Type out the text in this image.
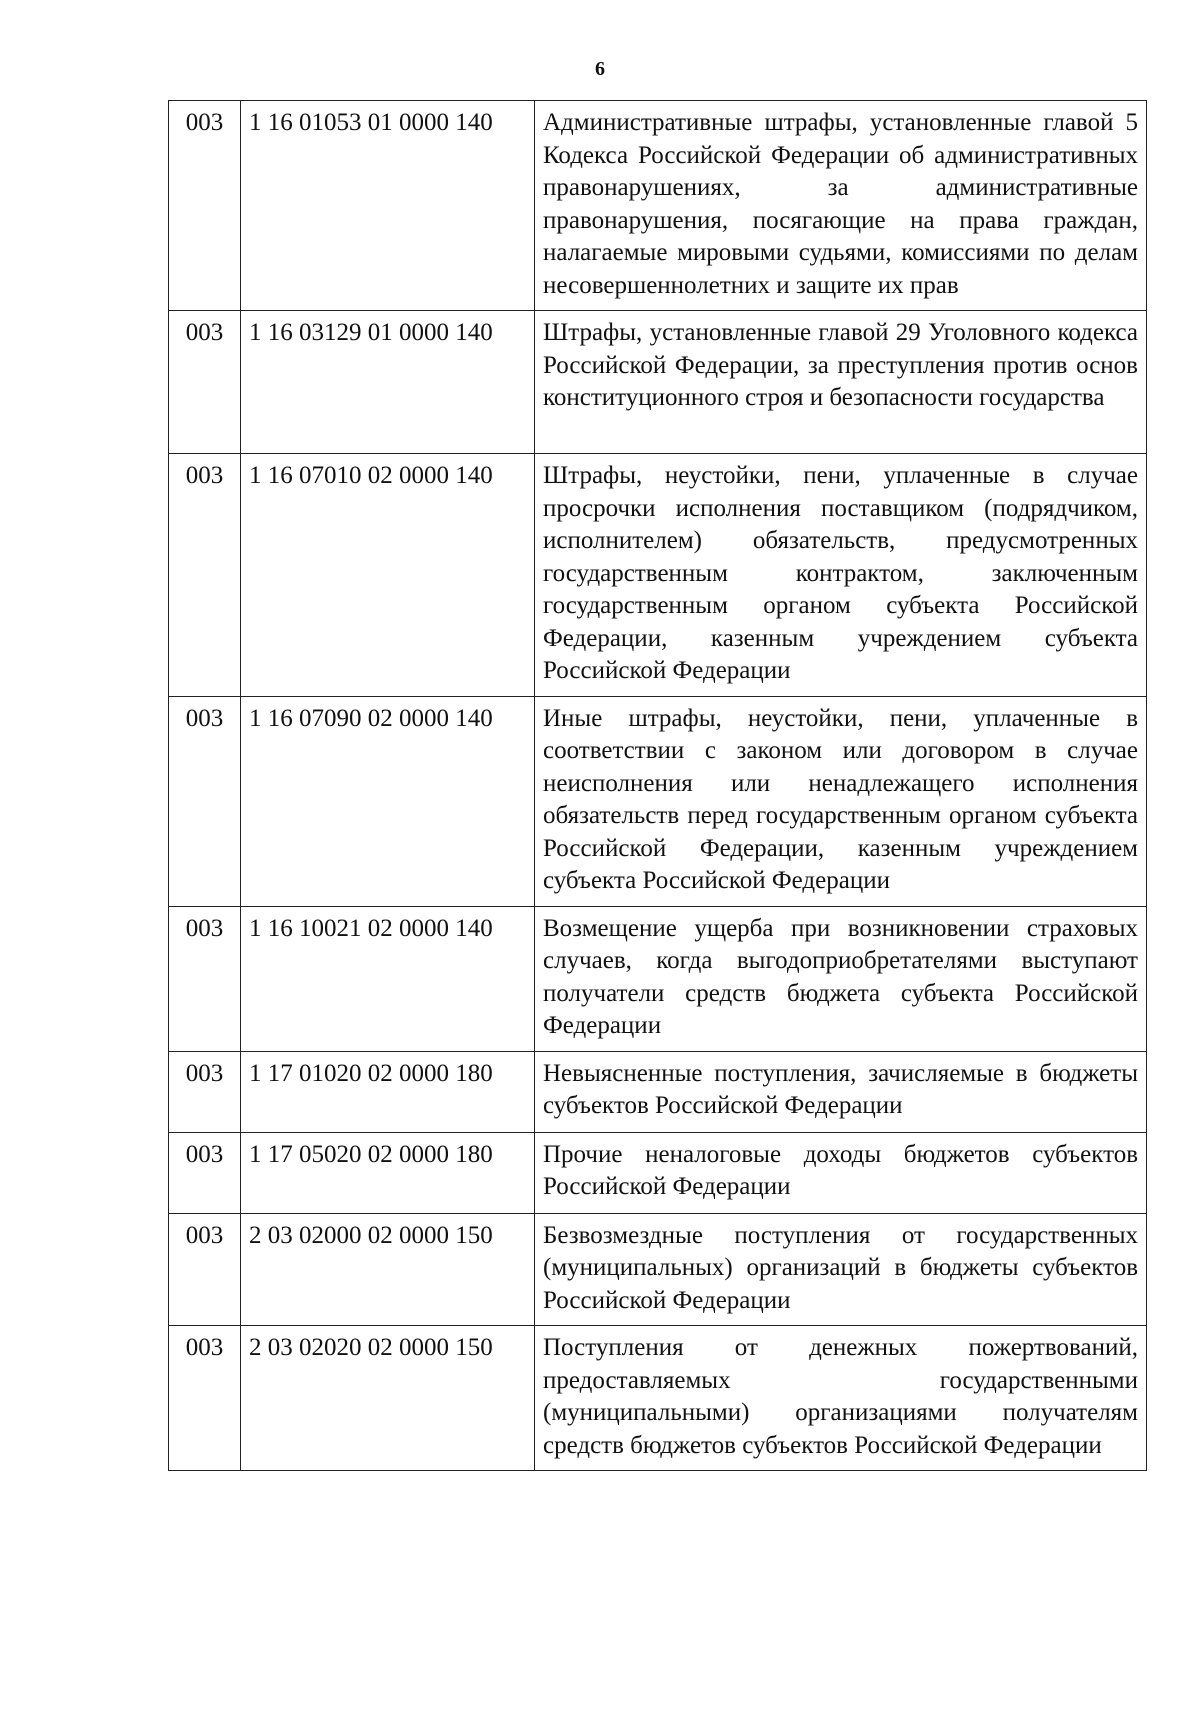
6
003	1 16 01053 01 0000 140	Административные штрафы, установленные главой 5 Кодекса Российской Федерации об административных правонарушениях, за административные правонарушения, посягающие на права граждан, налагаемые мировыми судьями, комиссиями по делам несовершеннолетних и защите их прав
003	1 16 03129 01 0000 140	Штрафы, установленные главой 29 Уголовного кодекса Российской Федерации, за преступления против основ конституционного строя и безопасности государства
003	1 16 07010 02 0000 140	Штрафы, неустойки, пени, уплаченные в случае просрочки исполнения поставщиком (подрядчиком, исполнителем) обязательств, предусмотренных государственным контрактом, заключенным государственным органом субъекта Российской Федерации, казенным учреждением субъекта Российской Федерации
003	1 16 07090 02 0000 140	Иные штрафы, неустойки, пени, уплаченные в соответствии с законом или договором в случае неисполнения или ненадлежащего исполнения обязательств перед государственным органом субъекта Российской Федерации, казенным учреждением субъекта Российской Федерации
003	1 16 10021 02 0000 140	Возмещение ущерба при возникновении страховых случаев, когда выгодоприобретателями выступают получатели средств бюджета субъекта Российской Федерации
003	1 17 01020 02 0000 180	Невыясненные поступления, зачисляемые в бюджеты субъектов Российской Федерации
003	1 17 05020 02 0000 180	Прочие неналоговые доходы бюджетов субъектов Российской Федерации
003	2 03 02000 02 0000 150	Безвозмездные поступления от государственных (муниципальных) организаций в бюджеты субъектов Российской Федерации
003	2 03 02020 02 0000 150	Поступления от денежных пожертвований, предоставляемых государственными (муниципальными) организациями получателям средств бюджетов субъектов Российской Федерации
